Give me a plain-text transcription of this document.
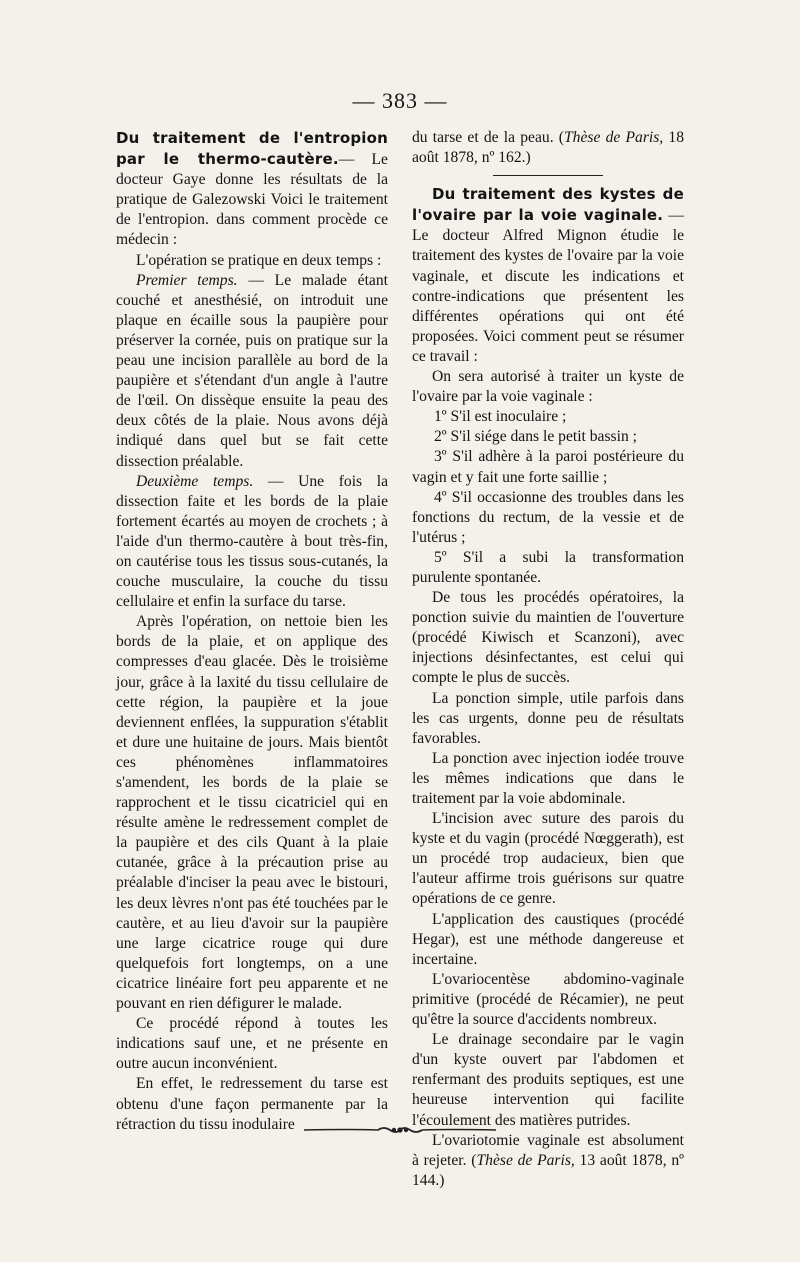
— 383 —

Du traitement de l'entropion par le thermo-cautère.— Le docteur Gaye donne les résultats de la pratique de Galezowski Voici le traitement de l'entropion. dans comment procède ce médecin :

L'opération se pratique en deux temps :

Premier temps. — Le malade étant couché et anesthésié, on introduit une plaque en écaille sous la paupière pour préserver la cornée, puis on pratique sur la peau une incision parallèle au bord de la paupière et s'étendant d'un angle à l'autre de l'œil. On dissèque ensuite la peau des deux côtés de la plaie. Nous avons déjà indiqué dans quel but se fait cette dissection préalable.

Deuxième temps. — Une fois la dissection faite et les bords de la plaie fortement écartés au moyen de crochets ; à l'aide d'un thermo-cautère à bout très-fin, on cautérise tous les tissus sous-cutanés, la couche musculaire, la couche du tissu cellulaire et enfin la surface du tarse.

Après l'opération, on nettoie bien les bords de la plaie, et on applique des compresses d'eau glacée. Dès le troisième jour, grâce à la laxité du tissu cellulaire de cette région, la paupière et la joue deviennent enflées, la suppuration s'établit et dure une huitaine de jours. Mais bientôt ces phénomènes inflammatoires s'amendent, les bords de la plaie se rapprochent et le tissu cicatriciel qui en résulte amène le redressement complet de la paupière et des cils Quant à la plaie cutanée, grâce à la précaution prise au préalable d'inciser la peau avec le bistouri, les deux lèvres n'ont pas été touchées par le cautère, et au lieu d'avoir sur la paupière une large cicatrice rouge qui dure quelquefois fort longtemps, on a une cicatrice linéaire fort peu apparente et ne pouvant en rien défigurer le malade.

Ce procédé répond à toutes les indications sauf une, et ne présente en outre aucun inconvénient.

En effet, le redressement du tarse est obtenu d'une façon permanente par la rétraction du tissu inodulaire

du tarse et de la peau. (Thèse de Paris, 18 août 1878, nº 162.)

Du traitement des kystes de l'ovaire par la voie vaginale. — Le docteur Alfred Mignon étudie le traitement des kystes de l'ovaire par la voie vaginale, et discute les indications et contre-indications que présentent les différentes opérations qui ont été proposées. Voici comment peut se résumer ce travail :

On sera autorisé à traiter un kyste de l'ovaire par la voie vaginale :

1º S'il est inoculaire ;

2º S'il siége dans le petit bassin ;

3º S'il adhère à la paroi postérieure du vagin et y fait une forte saillie ;

4º S'il occasionne des troubles dans les fonctions du rectum, de la vessie et de l'utérus ;

5º S'il a subi la transformation purulente spontanée.

De tous les procédés opératoires, la ponction suivie du maintien de l'ouverture (procédé Kiwisch et Scanzoni), avec injections désinfectantes, est celui qui compte le plus de succès.

La ponction simple, utile parfois dans les cas urgents, donne peu de résultats favorables.

La ponction avec injection iodée trouve les mêmes indications que dans le traitement par la voie abdominale.

L'incision avec suture des parois du kyste et du vagin (procédé Nœggerath), est un procédé trop audacieux, bien que l'auteur affirme trois guérisons sur quatre opérations de ce genre.

L'application des caustiques (procédé Hegar), est une méthode dangereuse et incertaine.

L'ovariocentèse abdomino-vaginale primitive (procédé de Récamier), ne peut qu'être la source d'accidents nombreux.

Le drainage secondaire par le vagin d'un kyste ouvert par l'abdomen et renfermant des produits septiques, est une heureuse intervention qui facilite l'écoulement des matières putrides.

L'ovariotomie vaginale est absolument à rejeter. (Thèse de Paris, 13 août 1878, nº 144.)
